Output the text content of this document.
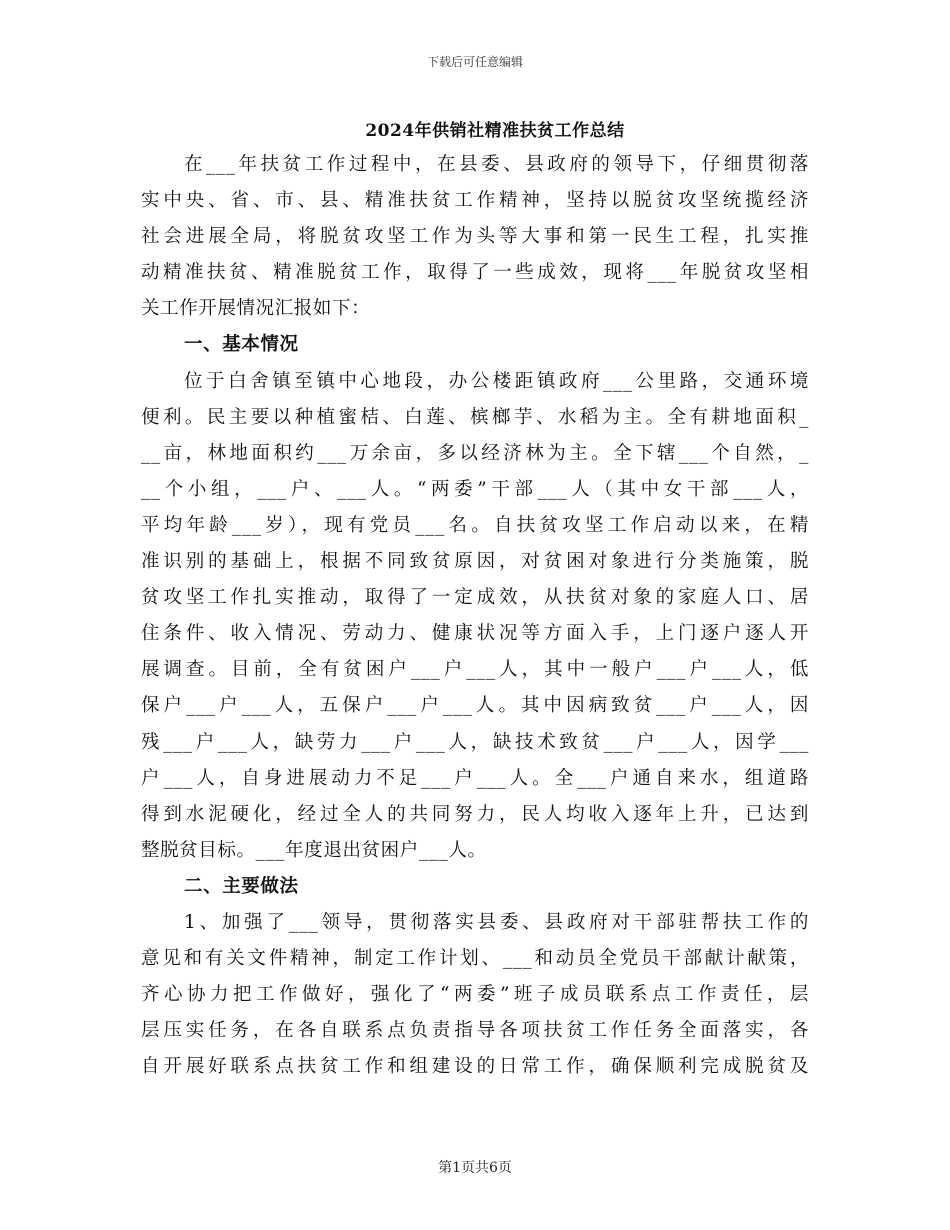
下载后可任意编辑
2024年供销社精准扶贫工作总结
在___年扶贫工作过程中，在县委、县政府的领导下，仔细贯彻落
实中央、省、市、县、精准扶贫工作精神，坚持以脱贫攻坚统揽经济
社会进展全局，将脱贫攻坚工作为头等大事和第一民生工程，扎实推
动精准扶贫、精准脱贫工作，取得了一些成效，现将___年脱贫攻坚相
关工作开展情况汇报如下：
一、基本情况
位于白舍镇至镇中心地段，办公楼距镇政府___公里路，交通环境
便利。民主要以种植蜜桔、白莲、槟榔芋、水稻为主。全有耕地面积_
__亩，林地面积约___万余亩，多以经济林为主。全下辖___个自然，_
__个小组，___户、___人。“两委”干部___人（其中女干部___人，
平均年龄___岁），现有党员___名。自扶贫攻坚工作启动以来，在精
准识别的基础上，根据不同致贫原因，对贫困对象进行分类施策，脱
贫攻坚工作扎实推动，取得了一定成效，从扶贫对象的家庭人口、居
住条件、收入情况、劳动力、健康状况等方面入手，上门逐户逐人开
展调查。目前，全有贫困户___户___人，其中一般户___户___人，低
保户___户___人，五保户___户___人。其中因病致贫___户___人，因
残___户___人，缺劳力___户___人，缺技术致贫___户___人，因学___
户___人，自身进展动力不足___户___人。全___户通自来水，组道路
得到水泥硬化，经过全人的共同努力，民人均收入逐年上升，已达到
整脱贫目标。___年度退出贫困户___人。
二、主要做法
1、加强了___领导，贯彻落实县委、县政府对干部驻帮扶工作的
意见和有关文件精神，制定工作计划、___和动员全党员干部献计献策，
齐心协力把工作做好，强化了“两委”班子成员联系点工作责任，层
层压实任务，在各自联系点负责指导各项扶贫工作任务全面落实，各
自开展好联系点扶贫工作和组建设的日常工作，确保顺利完成脱贫及
第1页共6页
